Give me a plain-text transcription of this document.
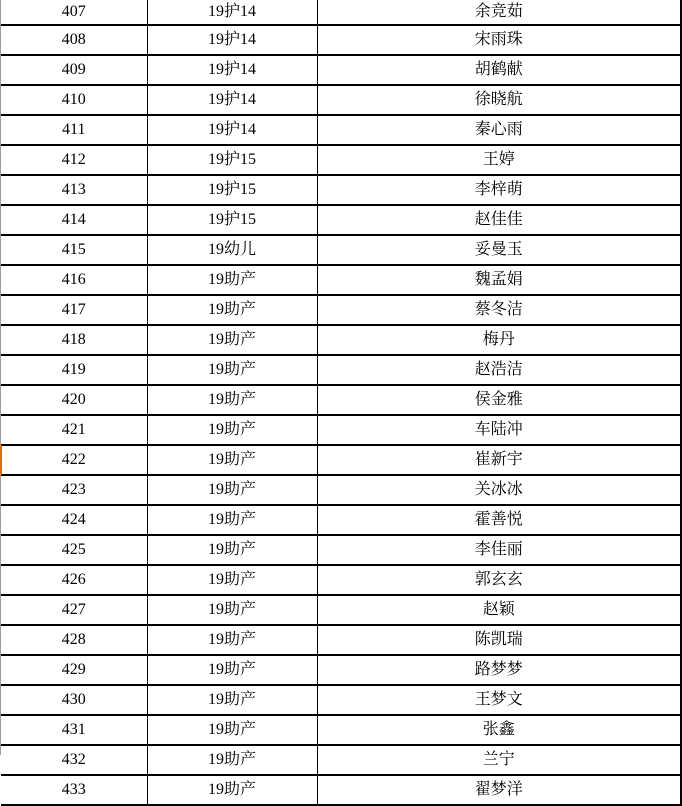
407	19护14	余竞茹
408	19护14	宋雨珠
409	19护14	胡鹤献
410	19护14	徐晓航
411	19护14	秦心雨
412	19护15	王婷
413	19护15	李梓萌
414	19护15	赵佳佳
415	19幼儿	妥曼玉
416	19助产	魏孟娟
417	19助产	蔡冬洁
418	19助产	梅丹
419	19助产	赵浩洁
420	19助产	侯金雅
421	19助产	车陆冲
422	19助产	崔新宇
423	19助产	关冰冰
424	19助产	霍善悦
425	19助产	李佳丽
426	19助产	郭玄玄
427	19助产	赵颖
428	19助产	陈凯瑞
429	19助产	路梦梦
430	19助产	王梦文
431	19助产	张鑫
432	19助产	兰宁
433	19助产	翟梦洋
